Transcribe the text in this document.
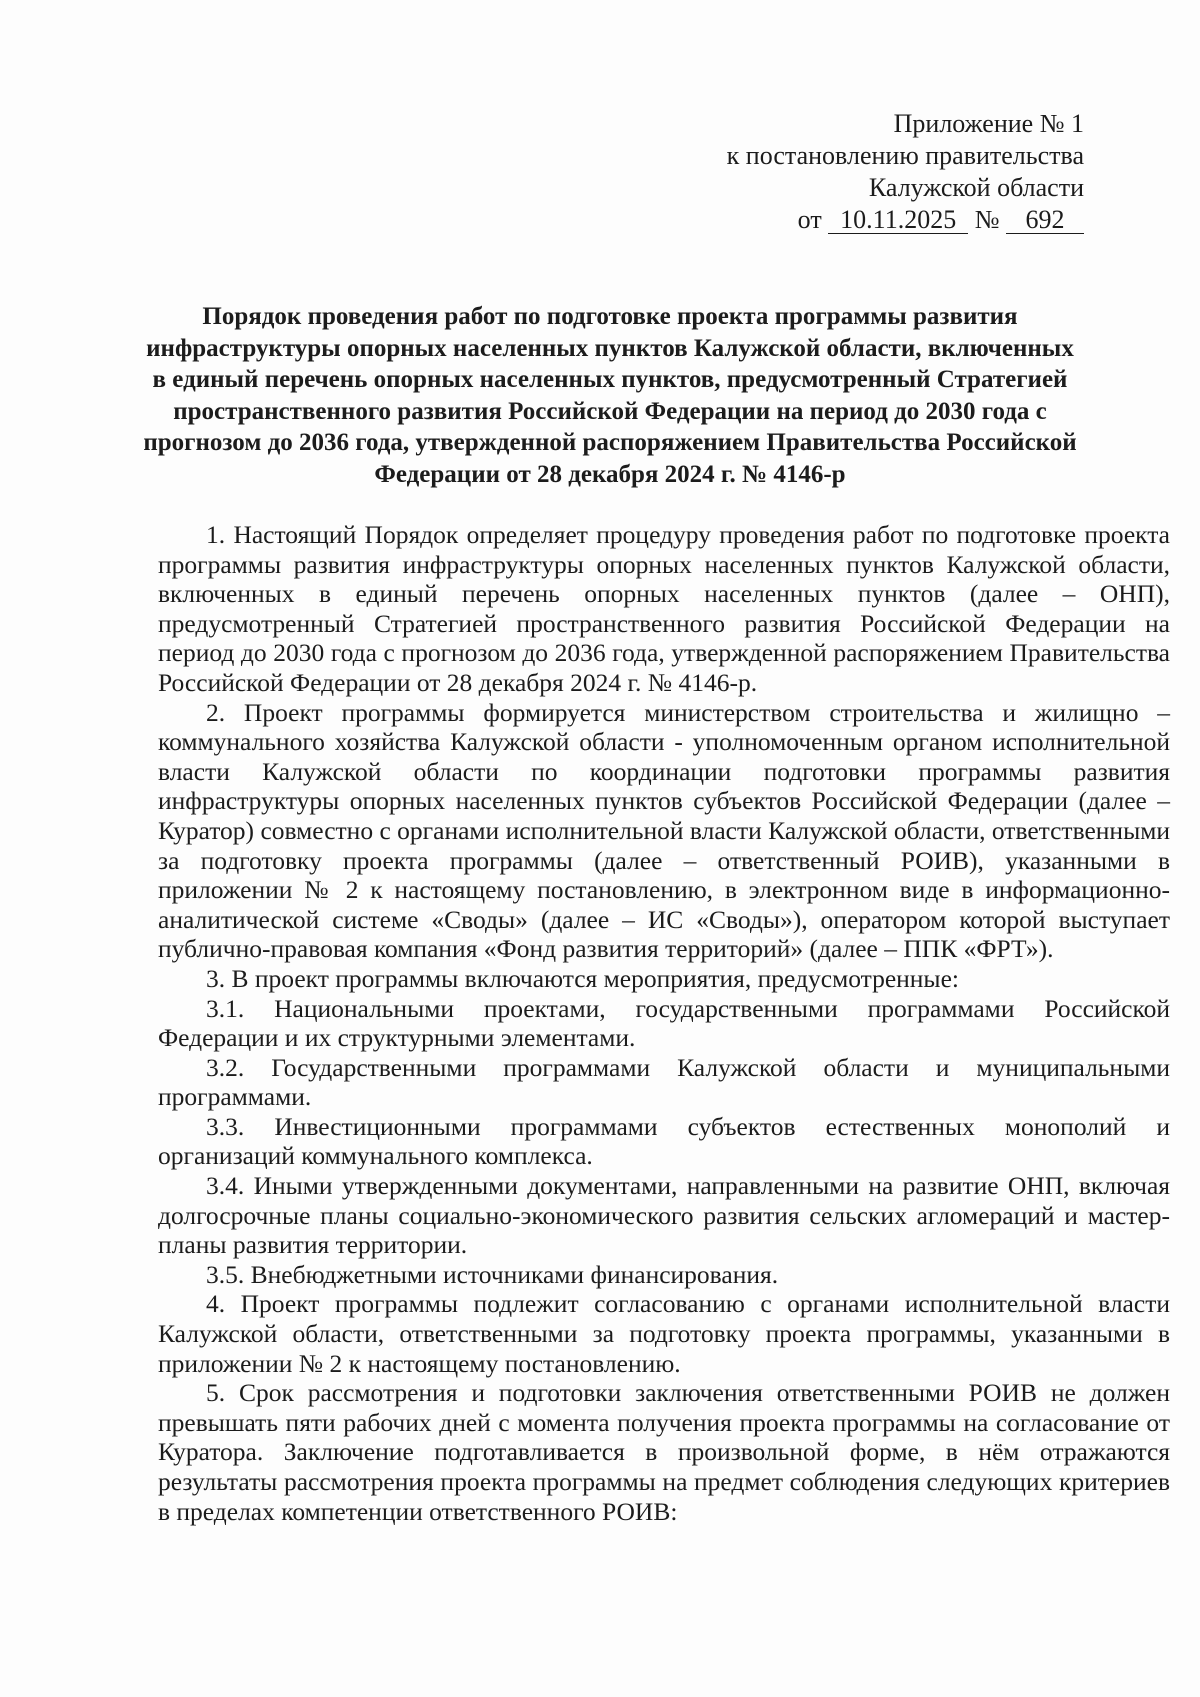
Приложение № 1
к постановлению правительства
Калужской области
от 10.11.2025 № 692
Порядок проведения работ по подготовке проекта программы развития инфраструктуры опорных населенных пунктов Калужской области, включенных в единый перечень опорных населенных пунктов, предусмотренный Стратегией пространственного развития Российской Федерации на период до 2030 года с прогнозом до 2036 года, утвержденной распоряжением Правительства Российской Федерации от 28 декабря 2024 г. № 4146-р

1. Настоящий Порядок определяет процедуру проведения работ по подготовке проекта программы развития инфраструктуры опорных населенных пунктов Калужской области, включенных в единый перечень опорных населенных пунктов (далее – ОНП), предусмотренный Стратегией пространственного развития Российской Федерации на период до 2030 года с прогнозом до 2036 года, утвержденной распоряжением Правительства Российской Федерации от 28 декабря 2024 г. № 4146-р.

2. Проект программы формируется министерством строительства и жилищно – коммунального хозяйства Калужской области - уполномоченным органом исполнительной власти Калужской области по координации подготовки программы развития инфраструктуры опорных населенных пунктов субъектов Российской Федерации (далее – Куратор) совместно с органами исполнительной власти Калужской области, ответственными за подготовку проекта программы (далее – ответственный РОИВ), указанными в приложении № 2 к настоящему постановлению, в электронном виде в информационно-аналитической системе «Своды» (далее – ИС «Своды»), оператором которой выступает публично-правовая компания «Фонд развития территорий» (далее – ППК «ФРТ»).

3. В проект программы включаются мероприятия, предусмотренные:

3.1. Национальными проектами, государственными программами Российской Федерации и их структурными элементами.

3.2. Государственными программами Калужской области и муниципальными программами.

3.3. Инвестиционными программами субъектов естественных монополий и организаций коммунального комплекса.

3.4. Иными утвержденными документами, направленными на развитие ОНП, включая долгосрочные планы социально-экономического развития сельских агломераций и мастер-планы развития территории.

3.5. Внебюджетными источниками финансирования.

4. Проект программы подлежит согласованию с органами исполнительной власти Калужской области, ответственными за подготовку проекта программы, указанными в приложении № 2 к настоящему постановлению.

5. Срок рассмотрения и подготовки заключения ответственными РОИВ не должен превышать пяти рабочих дней с момента получения проекта программы на согласование от Куратора. Заключение подготавливается в произвольной форме, в нём отражаются результаты рассмотрения проекта программы на предмет соблюдения следующих критериев в пределах компетенции ответственного РОИВ:
